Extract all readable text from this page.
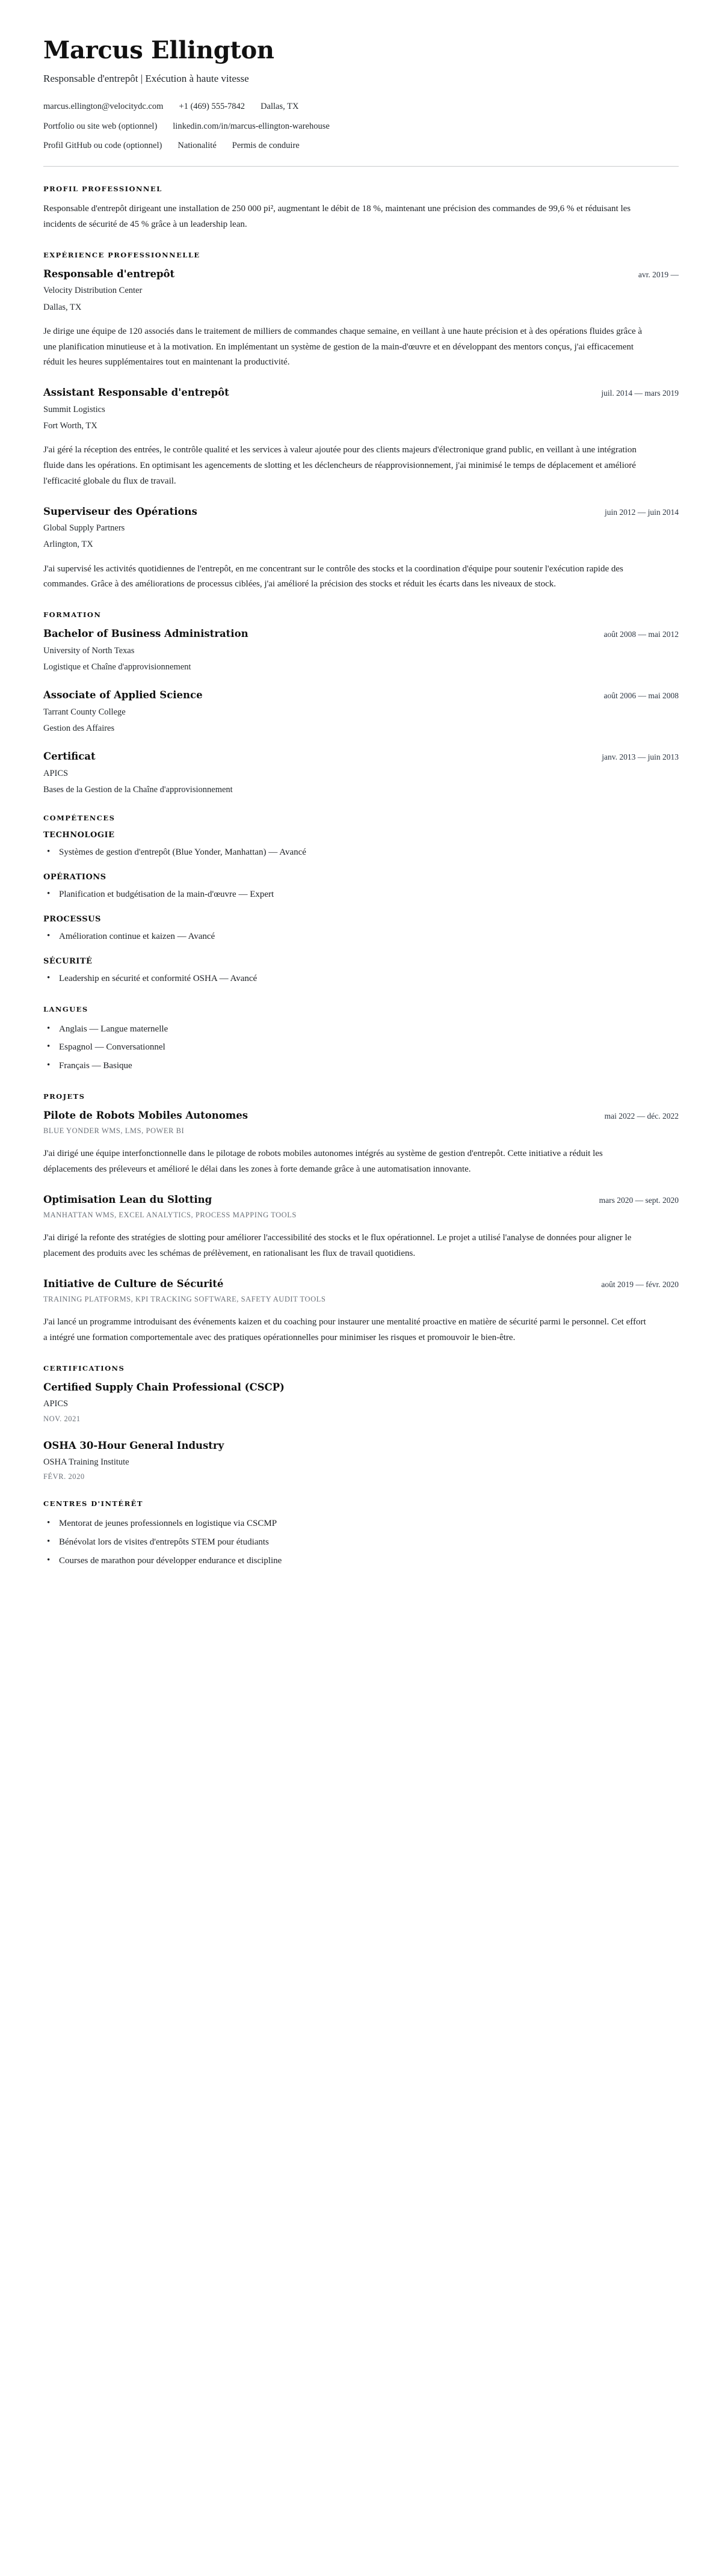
Marcus Ellington
Responsable d'entrepôt | Exécution à haute vitesse
marcus.ellington@velocitydc.com +1 (469) 555-7842 Dallas, TX
Portfolio ou site web (optionnel) linkedin.com/in/marcus-ellington-warehouse
Profil GitHub ou code (optionnel) Nationalité Permis de conduire
PROFIL PROFESSIONNEL

Responsable d'entrepôt dirigeant une installation de 250 000 pi², augmentant le débit de 18 %, maintenant une précision des commandes de 99,6 % et réduisant les incidents de sécurité de 45 % grâce à un leadership lean.

EXPÉRIENCE PROFESSIONNELLE
Responsable d'entrepôt	avr. 2019 —
Velocity Distribution Center
Dallas, TX

Je dirige une équipe de 120 associés dans le traitement de milliers de commandes chaque semaine, en veillant à une haute précision et à des opérations fluides grâce à une planification minutieuse et à la motivation. En implémentant un système de gestion de la main-d'œuvre et en développant des mentors conçus, j'ai efficacement réduit les heures supplémentaires tout en maintenant la productivité.

Assistant Responsable d'entrepôt	juil. 2014 — mars 2019
Summit Logistics
Fort Worth, TX

J'ai géré la réception des entrées, le contrôle qualité et les services à valeur ajoutée pour des clients majeurs d'électronique grand public, en veillant à une intégration fluide dans les opérations. En optimisant les agencements de slotting et les déclencheurs de réapprovisionnement, j'ai minimisé le temps de déplacement et amélioré l'efficacité globale du flux de travail.

Superviseur des Opérations	juin 2012 — juin 2014
Global Supply Partners
Arlington, TX

J'ai supervisé les activités quotidiennes de l'entrepôt, en me concentrant sur le contrôle des stocks et la coordination d'équipe pour soutenir l'exécution rapide des commandes. Grâce à des améliorations de processus ciblées, j'ai amélioré la précision des stocks et réduit les écarts dans les niveaux de stock.

FORMATION
Bachelor of Business Administration	août 2008 — mai 2012
University of North Texas
Logistique et Chaîne d'approvisionnement
Associate of Applied Science	août 2006 — mai 2008
Tarrant County College
Gestion des Affaires
Certificat	janv. 2013 — juin 2013
APICS
Bases de la Gestion de la Chaîne d'approvisionnement
COMPÉTENCES
TECHNOLOGIE
• Systèmes de gestion d'entrepôt (Blue Yonder, Manhattan) — Avancé
OPÉRATIONS
• Planification et budgétisation de la main-d'œuvre — Expert
PROCESSUS
• Amélioration continue et kaizen — Avancé
SÉCURITÉ
• Leadership en sécurité et conformité OSHA — Avancé
LANGUES
• Anglais — Langue maternelle
• Espagnol — Conversationnel
• Français — Basique
PROJETS
Pilote de Robots Mobiles Autonomes	mai 2022 — déc. 2022
BLUE YONDER WMS, LMS, POWER BI

J'ai dirigé une équipe interfonctionnelle dans le pilotage de robots mobiles autonomes intégrés au système de gestion d'entrepôt. Cette initiative a réduit les déplacements des préleveurs et amélioré le délai dans les zones à forte demande grâce à une automatisation innovante.

Optimisation Lean du Slotting	mars 2020 — sept. 2020
MANHATTAN WMS, EXCEL ANALYTICS, PROCESS MAPPING TOOLS

J'ai dirigé la refonte des stratégies de slotting pour améliorer l'accessibilité des stocks et le flux opérationnel. Le projet a utilisé l'analyse de données pour aligner le placement des produits avec les schémas de prélèvement, en rationalisant les flux de travail quotidiens.

Initiative de Culture de Sécurité	août 2019 — févr. 2020
TRAINING PLATFORMS, KPI TRACKING SOFTWARE, SAFETY AUDIT TOOLS

J'ai lancé un programme introduisant des événements kaizen et du coaching pour instaurer une mentalité proactive en matière de sécurité parmi le personnel. Cet effort a intégré une formation comportementale avec des pratiques opérationnelles pour minimiser les risques et promouvoir le bien-être.

CERTIFICATIONS
Certified Supply Chain Professional (CSCP)
APICS
NOV. 2021
OSHA 30-Hour General Industry
OSHA Training Institute
FÉVR. 2020
CENTRES D'INTÉRÊT
• Mentorat de jeunes professionnels en logistique via CSCMP
• Bénévolat lors de visites d'entrepôts STEM pour étudiants
• Courses de marathon pour développer endurance et discipline
